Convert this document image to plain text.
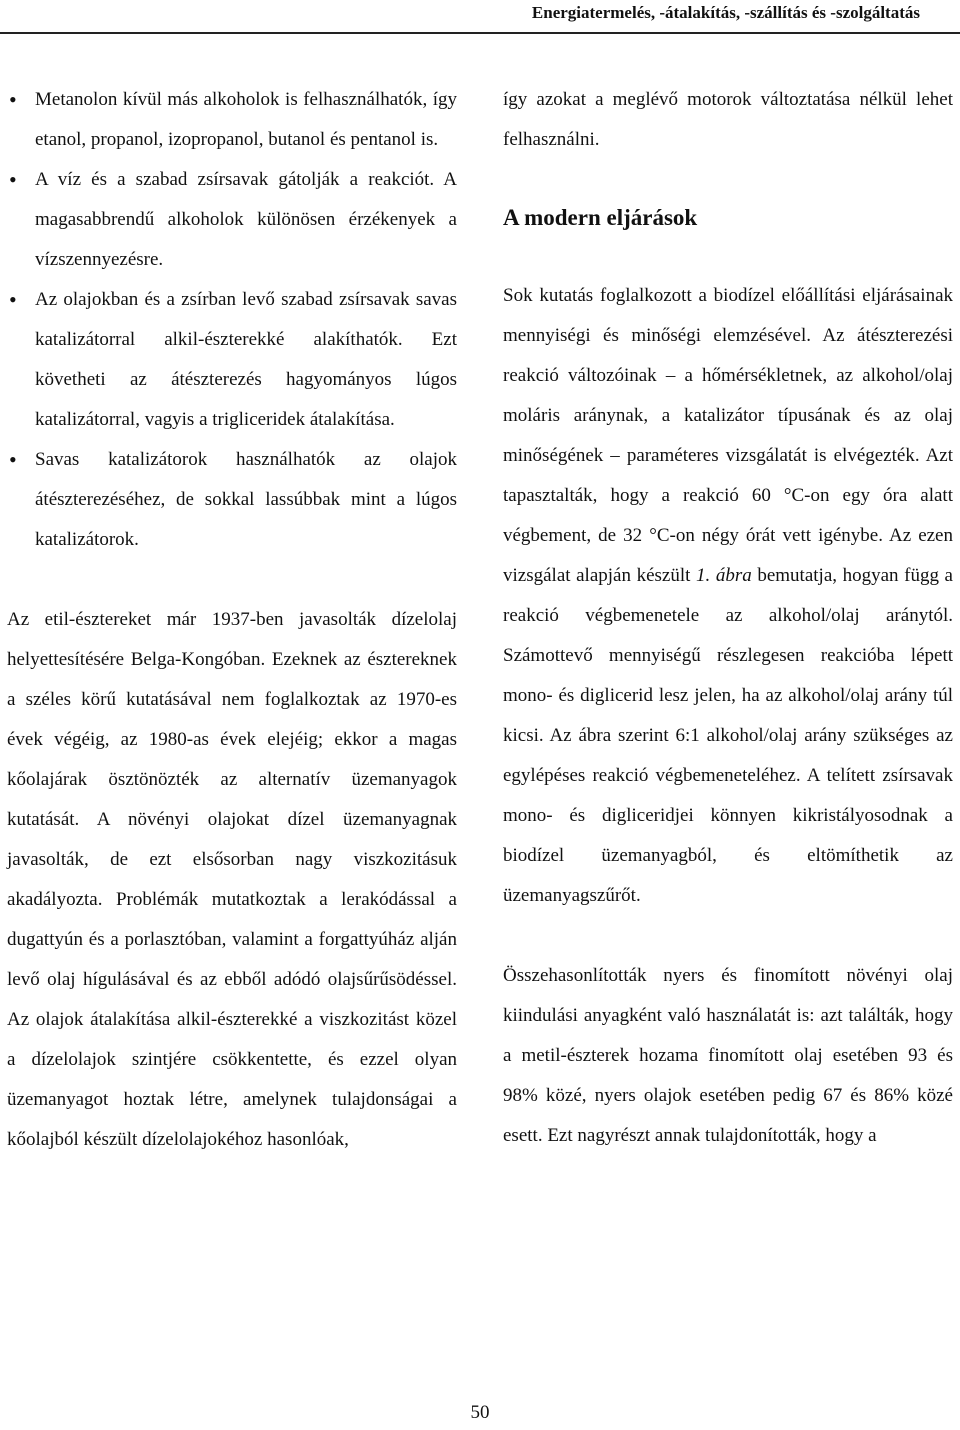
Energiatermelés, -átalakítás, -szállítás és -szolgáltatás
• Metanolon kívül más alkoholok is felhasználhatók, így etanol, propanol, izopropanol, butanol és pentanol is.
• A víz és a szabad zsírsavak gátolják a reakciót. A magasabbrendű alkoholok különösen érzékenyek a vízszennyezésre.
• Az olajokban és a zsírban levő szabad zsírsavak savas katalizátorral alkil-észterekké alakíthatók. Ezt követheti az átészterezés hagyományos lúgos katalizátorral, vagyis a trigliceridek átalakítása.
• Savas katalizátorok használhatók az olajok átészterezéséhez, de sokkal lassúbbak mint a lúgos katalizátorok.

Az etil-észtereket már 1937-ben javasolták dízelolaj helyettesítésére Belga-Kongóban. Ezeknek az észtereknek a széles körű kutatásával nem foglalkoztak az 1970-es évek végéig, az 1980-as évek elejéig; ekkor a magas kőolajárak ösztönözték az alternatív üzemanyagok kutatását. A növényi olajokat dízel üzemanyagnak javasolták, de ezt elsősorban nagy viszkozitásuk akadályozta. Problémák mutatkoztak a lerakódással a dugattyún és a porlasztóban, valamint a forgattyúház alján levő olaj hígulásával és az ebből adódó olajsűrűsödéssel. Az olajok átalakítása alkil-észterekké a viszkozitást közel a dízelolajok szintjére csökkentette, és ezzel olyan üzemanyagot hoztak létre, amelynek tulajdonságai a kőolajból készült dízelolajokéhoz hasonlóak,

így azokat a meglévő motorok változtatása nélkül lehet felhasználni.

A modern eljárások

Sok kutatás foglalkozott a biodízel előállítási eljárásainak mennyiségi és minőségi elemzésével. Az átészterezési reakció változóinak – a hőmérsékletnek, az alkohol/olaj moláris aránynak, a katalizátor típusának és az olaj minőségének – paraméteres vizsgálatát is elvégezték. Azt tapasztalták, hogy a reakció 60 °C-on egy óra alatt végbement, de 32 °C-on négy órát vett igénybe. Az ezen vizsgálat alapján készült 1. ábra bemutatja, hogyan függ a reakció végbemenetele az alkohol/olaj aránytól. Számottevő mennyiségű részlegesen reakcióba lépett mono- és diglicerid lesz jelen, ha az alkohol/olaj arány túl kicsi. Az ábra szerint 6:1 alkohol/olaj arány szükséges az egylépéses reakció végbemeneteléhez. A telített zsírsavak mono- és digliceridjei könnyen kikristályosodnak a biodízel üzemanyagból, és eltömíthetik az üzemanyagszűrőt.

Összehasonlították nyers és finomított növényi olaj kiindulási anyagként való használatát is: azt találták, hogy a metil-észterek hozama finomított olaj esetében 93 és 98% közé, nyers olajok esetében pedig 67 és 86% közé esett. Ezt nagyrészt annak tulajdonították, hogy a

50
